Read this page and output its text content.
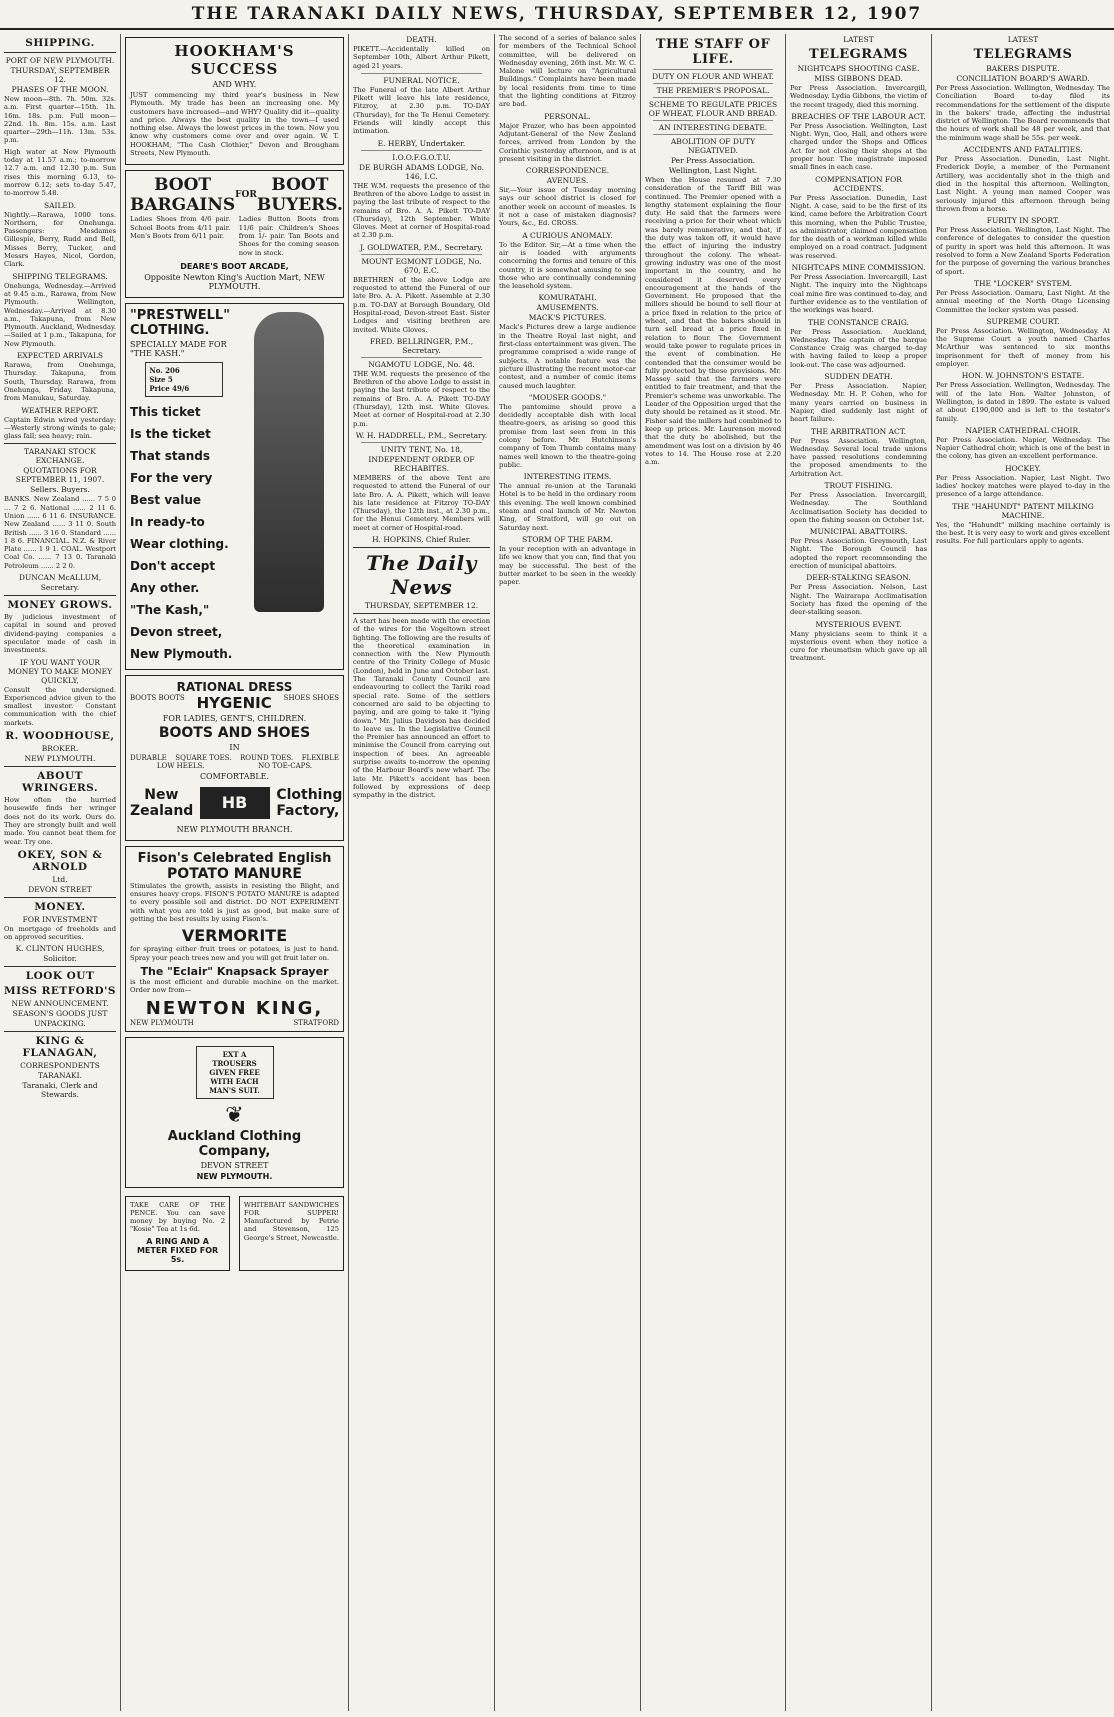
THE TARANAKI DAILY NEWS, THURSDAY, SEPTEMBER 12, 1907
SHIPPING.
PORT OF NEW PLYMOUTH.
THURSDAY, SEPTEMBER 12.
PHASES OF THE MOON.

New moon—8th. 7h. 50m. 32s. a.m. First quarter—15th. 1h. 16m. 18s. p.m. Full moon—22nd. 1h. 8m. 15s. a.m. Last quarter—29th—11h. 13m. 53s. p.m.

High water at New Plymouth today at 11.57 a.m.; to-morrow 12.7 a.m. and 12.30 p.m. Sun rises this morning 6.13, to-morrow 6.12; sets to-day 5.47, to-morrow 5.48.

SAILED.

Nightly.—Rarawa, 1000 tons. Northern, for Onehunga. Passengers: Mesdames Gillespie, Berry, Rudd and Bell, Misses Berry, Tucker, and Messrs Hayes, Nicol, Gordon, Clark.

SHIPPING TELEGRAMS.

Onehunga, Wednesday.—Arrived at 9.45 a.m., Rarawa, from New Plymouth. Wellington, Wednesday.—Arrived at 8.30 a.m., Takapuna, from New Plymouth. Auckland, Wednesday.—Sailed at 1 p.m., Takapuna, for New Plymouth.

EXPECTED ARRIVALS

Rarawa, from Onehunga, Thursday. Takapuna, from South, Thursday. Rarawa, from Onehunga, Friday. Takapuna, from Manukau, Saturday.

WEATHER REPORT.

Captain Edwin wired yesterday:—Westerly strong winds to gale; glass fall; sea heavy; rain.

TARANAKI STOCK EXCHANGE.
QUOTATIONS FOR SEPTEMBER 11, 1907.
Sellers. Buyers.

BANKS. New Zealand ...... 7 5 0 ... 7 2 6. National ...... 2 11 6. Union ...... 6 11 6. INSURANCE. New Zealand ...... 3 11 0. South British ...... 3 16 0. Standard ...... 1 8 6. FINANCIAL. N.Z. & River Plate ...... 1 9 1. COAL. Westport Coal Co. ...... 7 13 0. Taranaki Petroleum ...... 2 2 0.

DUNCAN McALLUM,
Secretary.
MONEY GROWS.

By judicious investment of capital in sound and proved dividend-paying companies a speculator made of cash in investments.

IF YOU WANT YOUR MONEY TO MAKE MONEY QUICKLY,

Consult the undersigned. Experienced advice given to the smallest investor. Constant communication with the chief markets.

R. WOODHOUSE,
BROKER.
NEW PLYMOUTH.
ABOUT WRINGERS.

How often the hurried housewife finds her wringer does not do its work. Ours do. They are strongly built and well made. You cannot beat them for wear. Try one.

OKEY, SON & ARNOLD
Ltd.
DEVON STREET
MONEY.
FOR INVESTMENT

On mortgage of freeholds and on approved securities.

K. CLINTON HUGHES,
Solicitor.
LOOK OUT
MISS RETFORD'S
NEW ANNOUNCEMENT.
SEASON'S GOODS JUST
UNPACKING.
KING & FLANAGAN,
CORRESPONDENTS
TARANAKI.
Taranaki, Clerk and Stewards.
HOOKHAM'S SUCCESS
AND WHY.

JUST commencing my third year's business in New Plymouth. My trade has been an increasing one. My customers have increased—and WHY? Quality did it—quality and price. Always the best quality in the town—I used nothing else. Always the lowest prices in the town. Now you know why customers come over and over again. W. T. HOOKHAM, "The Cash Clothier," Devon and Brougham Streets, New Plymouth.

BOOT BARGAINS FOR BOOT BUYERS.
Ladies Shoes from 4/6 pair. School Boots from 4/11 pair. Men's Boots from 6/11 pair.
Ladies Button Boots from 11/6 pair. Children's Shoes from 1/- pair. Tan Boots and Shoes for the coming season now in stock.
DEARE'S BOOT ARCADE,
Opposite Newton King's Auction Mart, NEW PLYMOUTH.
"PRESTWELL" CLOTHING.
SPECIALLY MADE FOR "THE KASH."
No. 206
Size 5
Price 49/6
This ticket
Is the ticket
That stands
For the very
Best value
In ready-to
Wear clothing.
Don't accept
Any other.
"The Kash,"
Devon street,
New Plymouth.
RATIONAL DRESS
BOOTS BOOTS HYGENIC SHOES SHOES
FOR LADIES, GENT'S, CHILDREN.
BOOTS AND SHOES
IN
DURABLE SQUARE TOES. ROUND TOES. FLEXIBLE
LOW HEELS.	NO TOE-CAPS.
COMFORTABLE.
New Zealand	HB	Clothing Factory,
NEW PLYMOUTH BRANCH.
Fison's Celebrated English
POTATO MANURE

Stimulates the growth, assists in resisting the Blight, and ensures heavy crops. FISON'S POTATO MANURE is adapted to every possible soil and district. DO NOT EXPERIMENT with what you are told is just as good, but make sure of getting the best results by using Fison's.

VERMORITE

for spraying either fruit trees or potatoes, is just to hand. Spray your peach trees now and you will get fruit later on.

The "Eclair" Knapsack Sprayer

is the most efficient and durable machine on the market. Order now from—

NEWTON KING,
NEW PLYMOUTH	STRATFORD
EXT A TROUSERS GIVEN FREE WITH EACH MAN'S SUIT.
❦
Auckland Clothing Company,
DEVON STREET
NEW PLYMOUTH.

TAKE CARE OF THE PENCE. You can save money by buying No. 2 "Kosie" Tea at 1s 6d.

A RING AND A METER FIXED FOR 5s.

WHITEBAIT SANDWICHES FOR SUPPER! Manufactured by Petrie and Stevenson, 125 George's Street, Newcastle.

DEATH.

PIKETT.—Accidentally killed on September 10th, Albert Arthur Pikett, aged 21 years.

FUNERAL NOTICE.

The Funeral of the late Albert Arthur Pikett will leave his late residence, Fitzroy, at 2.30 p.m. TO-DAY (Thursday), for the Te Henui Cemetery. Friends will kindly accept this intimation.

E. HERBY, Undertaker.
I.O.O.F.G.O.T.U.
DE BURGH ADAMS LODGE, No. 146, I.C.

THE W.M. requests the presence of the Brethren of the above Lodge to assist in paying the last tribute of respect to the remains of Bro. A. A. Pikett TO-DAY (Thursday), 12th September. White Gloves. Meet at corner of Hospital-road at 2.30 p.m.

J. GOLDWATER, P.M., Secretary.
MOUNT EGMONT LODGE, No. 670, E.C.

BRETHREN of the above Lodge are requested to attend the Funeral of our late Bro. A. A. Pikett. Assemble at 2.30 p.m. TO-DAY at Borough Boundary, Old Hospital-road, Devon-street East. Sister Lodges and visiting brethren are invited. White Gloves.

FRED. BELLRINGER, P.M., Secretary.
NGAMOTU LODGE, No. 48.

THE W.M. requests the presence of the Brethren of the above Lodge to assist in paying the last tribute of respect to the remains of Bro. A. A. Pikett TO-DAY (Thursday), 12th inst. White Gloves. Meet at corner of Hospital-road at 2.30 p.m.

W. H. HADDRELL, P.M., Secretary.
UNITY TENT, No. 18,
INDEPENDENT ORDER OF RECHABITES.

MEMBERS of the above Tent are requested to attend the Funeral of our late Bro. A. A. Pikett, which will leave his late residence at Fitzroy TO-DAY (Thursday), the 12th inst., at 2.30 p.m., for the Henui Cemetery. Members will meet at corner of Hospital-road.

H. HOPKINS, Chief Ruler.
The Daily News
THURSDAY, SEPTEMBER 12.

A start has been made with the erection of the wires for the Vogeltown street lighting. The following are the results of the theoretical examination in connection with the New Plymouth centre of the Trinity College of Music (London), held in June and October last. The Taranaki County Council are endeavouring to collect the Tariki road special rate. Some of the settlers concerned are said to be objecting to paying, and are going to take it "lying down." Mr. Julius Davidson has decided to leave us. In the Legislative Council the Premier has announced an effort to minimise the Council from carrying out inspection of bees. An agreeable surprise awaits to-morrow the opening of the Harbour Board's new wharf. The late Mr. Pikett's accident has been followed by expressions of deep sympathy in the district.

The second of a series of balance sales for members of the Technical School committee, will be delivered on Wednesday evening, 26th inst. Mr. W. C. Malone will lecture on "Agricultural Buildings." Complaints have been made by local residents from time to time that the lighting conditions at Fitzroy are bad.

PERSONAL.

Major Frazer, who has been appointed Adjutant-General of the New Zealand forces, arrived from London by the Corinthic yesterday afternoon, and is at present visiting in the district.

CORRESPONDENCE.
AVENUES.

Sir,—Your issue of Tuesday morning says our school district is closed for another week on account of measles. Is it not a case of mistaken diagnosis? Yours, &c., Ed. CROSS.

A CURIOUS ANOMALY.

To the Editor. Sir,—At a time when the air is loaded with arguments concerning the forms and tenure of this country, it is somewhat amusing to see those who are continually condemning the leasehold system.

KOMURATAHI.
AMUSEMENTS.
MACK'S PICTURES.

Mack's Pictures drew a large audience in the Theatre Royal last night, and first-class entertainment was given. The programme comprised a wide range of subjects. A notable feature was the picture illustrating the recent motor-car contest, and a number of comic items caused much laughter.

"MOUSER GOODS."

The pantomime should prove a decidedly acceptable dish with local theatre-goers, as arising so good this promise from last seen from in this colony before. Mr. Hutchinson's company of Tom Thumb contains many names well known to the theatre-going public.

INTERESTING ITEMS.

The annual re-union at the Taranaki Hotel is to be held in the ordinary room this evening. The well known combined steam and coal launch of Mr. Newton King, of Stratford, will go out on Saturday next.

STORM OF THE FARM.

In your reception with an advantage in life we know that you can, find that you may be successful. The best of the butter market to be seen in the weekly paper.

THE STAFF OF LIFE.
DUTY ON FLOUR AND WHEAT.
THE PREMIER'S PROPOSAL.
SCHEME TO REGULATE PRICES OF WHEAT, FLOUR AND BREAD.
AN INTERESTING DEBATE.
ABOLITION OF DUTY NEGATIVED.
Per Press Association.
Wellington, Last Night.

When the House resumed at 7.30 consideration of the Tariff Bill was continued. The Premier opened with a lengthy statement explaining the flour duty. He said that the farmers were receiving a price for their wheat which was barely remunerative, and that, if the duty was taken off, it would have the effect of injuring the industry throughout the colony. The wheat-growing industry was one of the most important in the country, and he considered it deserved every encouragement at the hands of the Government. He proposed that the millers should be bound to sell flour at a price fixed in relation to the price of wheat, and that the bakers should in turn sell bread at a price fixed in relation to flour. The Government would take power to regulate prices in the event of combination. He contended that the consumer would be fully protected by these provisions. Mr. Massey said that the farmers were entitled to fair treatment, and that the Premier's scheme was unworkable. The Leader of the Opposition urged that the duty should be retained as it stood. Mr. Fisher said the millers had combined to keep up prices. Mr. Laurenson moved that the duty be abolished, but the amendment was lost on a division by 46 votes to 14. The House rose at 2.20 a.m.

LATEST
TELEGRAMS
NIGHTCAPS SHOOTING CASE.
MISS GIBBONS DEAD.

Per Press Association. Invercargill, Wednesday. Lydia Gibbons, the victim of the recent tragedy, died this morning.

BREACHES OF THE LABOUR ACT.

Per Press Association. Wellington, Last Night. Wyn, Goo, Hall, and others were charged under the Shops and Offices Act for not closing their shops at the proper hour. The magistrate imposed small fines in each case.

COMPENSATION FOR ACCIDENTS.

Per Press Association. Dunedin, Last Night. A case, said to be the first of its kind, came before the Arbitration Court this morning, when the Public Trustee, as administrator, claimed compensation for the death of a workman killed while employed on a road contract. Judgment was reserved.

NIGHTCAPS MINE COMMISSION.

Per Press Association. Invercargill, Last Night. The inquiry into the Nightcaps coal mine fire was continued to-day, and further evidence as to the ventilation of the workings was heard.

THE CONSTANCE CRAIG.

Per Press Association. Auckland, Wednesday. The captain of the barque Constance Craig was charged to-day with having failed to keep a proper look-out. The case was adjourned.

SUDDEN DEATH.

Per Press Association. Napier, Wednesday. Mr. H. P. Cohen, who for many years carried on business in Napier, died suddenly last night of heart failure.

THE ARBITRATION ACT.

Per Press Association. Wellington, Wednesday. Several local trade unions have passed resolutions condemning the proposed amendments to the Arbitration Act.

TROUT FISHING.

Per Press Association. Invercargill, Wednesday. The Southland Acclimatisation Society has decided to open the fishing season on October 1st.

MUNICIPAL ABATTOIRS.

Per Press Association. Greymouth, Last Night. The Borough Council has adopted the report recommending the erection of municipal abattoirs.

DEER-STALKING SEASON.

Per Press Association. Nelson, Last Night. The Wairarapa Acclimatisation Society has fixed the opening of the deer-stalking season.

MYSTERIOUS EVENT.

Many physicians seem to think it a mysterious event when they notice a cure for rheumatism which gave up all treatment.

LATEST
TELEGRAMS
BAKERS DISPUTE.
CONCILIATION BOARD'S AWARD.

Per Press Association. Wellington, Wednesday. The Conciliation Board to-day filed its recommendations for the settlement of the dispute in the bakers' trade, affecting the industrial district of Wellington. The Board recommends that the hours of work shall be 48 per week, and that the minimum wage shall be 55s. per week.

ACCIDENTS AND FATALITIES.

Per Press Association. Dunedin, Last Night. Frederick Doyle, a member of the Permanent Artillery, was accidentally shot in the thigh and died in the hospital this afternoon. Wellington, Last Night. A young man named Cooper was seriously injured this afternoon through being thrown from a horse.

FURITY IN SPORT.

Per Press Association. Wellington, Last Night. The conference of delegates to consider the question of purity in sport was held this afternoon. It was resolved to form a New Zealand Sports Federation for the purpose of governing the various branches of sport.

THE "LOCKER" SYSTEM.

Per Press Association. Oamaru, Last Night. At the annual meeting of the North Otago Licensing Committee the locker system was passed.

SUPREME COURT.

Per Press Association. Wellington, Wednesday. At the Supreme Court a youth named Charles McArthur was sentenced to six months imprisonment for theft of money from his employer.

HON. W. JOHNSTON'S ESTATE.

Per Press Association. Wellington, Wednesday. The will of the late Hon. Walter Johnston, of Wellington, is dated in 1899. The estate is valued at about £190,000 and is left to the testator's family.

NAPIER CATHEDRAL CHOIR.

Per Press Association. Napier, Wednesday. The Napier Cathedral choir, which is one of the best in the colony, has given an excellent performance.

HOCKEY.

Per Press Association. Napier, Last Night. Two ladies' hockey matches were played to-day in the presence of a large attendance.

THE "HAHUNDT" PATENT MILKING MACHINE.

Yes, the "Hahundt" milking machine certainly is the best. It is very easy to work and gives excellent results. For full particulars apply to agents.
